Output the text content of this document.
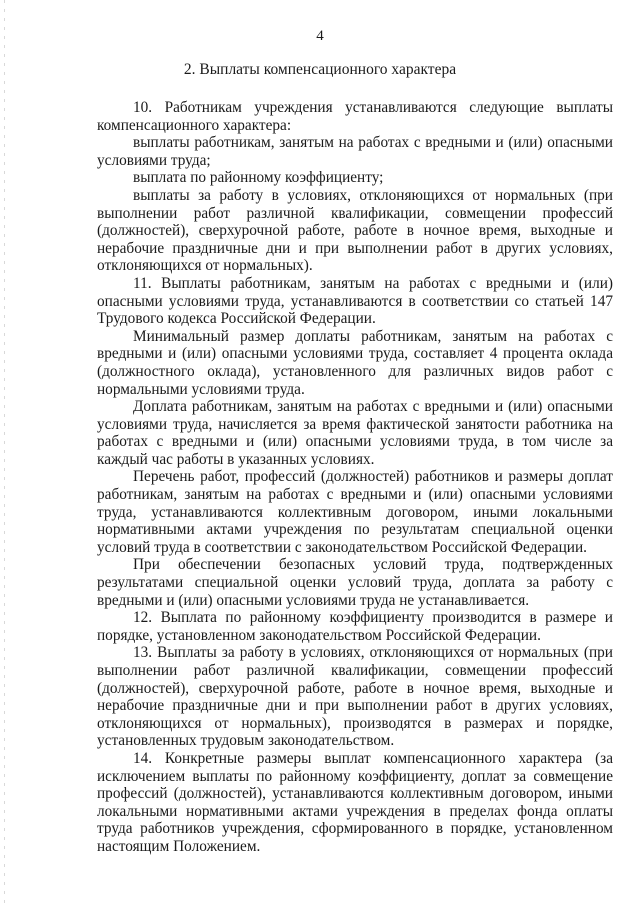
4
2. Выплаты компенсационного характера

10. Работникам учреждения устанавливаются следующие выплаты компенсационного характера:

выплаты работникам, занятым на работах с вредными и (или) опасными условиями труда;

выплата по районному коэффициенту;

выплаты за работу в условиях, отклоняющихся от нормальных (при выполнении работ различной квалификации, совмещении профессий (должностей), сверхурочной работе, работе в ночное время, выходные и нерабочие праздничные дни и при выполнении работ в других условиях, отклоняющихся от нормальных).

11. Выплаты работникам, занятым на работах с вредными и (или) опасными условиями труда, устанавливаются в соответствии со статьей 147 Трудового кодекса Российской Федерации.

Минимальный размер доплаты работникам, занятым на работах с вредными и (или) опасными условиями труда, составляет 4 процента оклада (должностного оклада), установленного для различных видов работ с нормальными условиями труда.

Доплата работникам, занятым на работах с вредными и (или) опасными условиями труда, начисляется за время фактической занятости работника на работах с вредными и (или) опасными условиями труда, в том числе за каждый час работы в указанных условиях.

Перечень работ, профессий (должностей) работников и размеры доплат работникам, занятым на работах с вредными и (или) опасными условиями труда, устанавливаются коллективным договором, иными локальными нормативными актами учреждения по результатам специальной оценки условий труда в соответствии с законодательством Российской Федерации.

При обеспечении безопасных условий труда, подтвержденных результатами специальной оценки условий труда, доплата за работу с вредными и (или) опасными условиями труда не устанавливается.

12. Выплата по районному коэффициенту производится в размере и порядке, установленном законодательством Российской Федерации.

13. Выплаты за работу в условиях, отклоняющихся от нормальных (при выполнении работ различной квалификации, совмещении профессий (должностей), сверхурочной работе, работе в ночное время, выходные и нерабочие праздничные дни и при выполнении работ в других условиях, отклоняющихся от нормальных), производятся в размерах и порядке, установленных трудовым законодательством.

14. Конкретные размеры выплат компенсационного характера (за исключением выплаты по районному коэффициенту, доплат за совмещение профессий (должностей), устанавливаются коллективным договором, иными локальными нормативными актами учреждения в пределах фонда оплаты труда работников учреждения, сформированного в порядке, установленном настоящим Положением.
